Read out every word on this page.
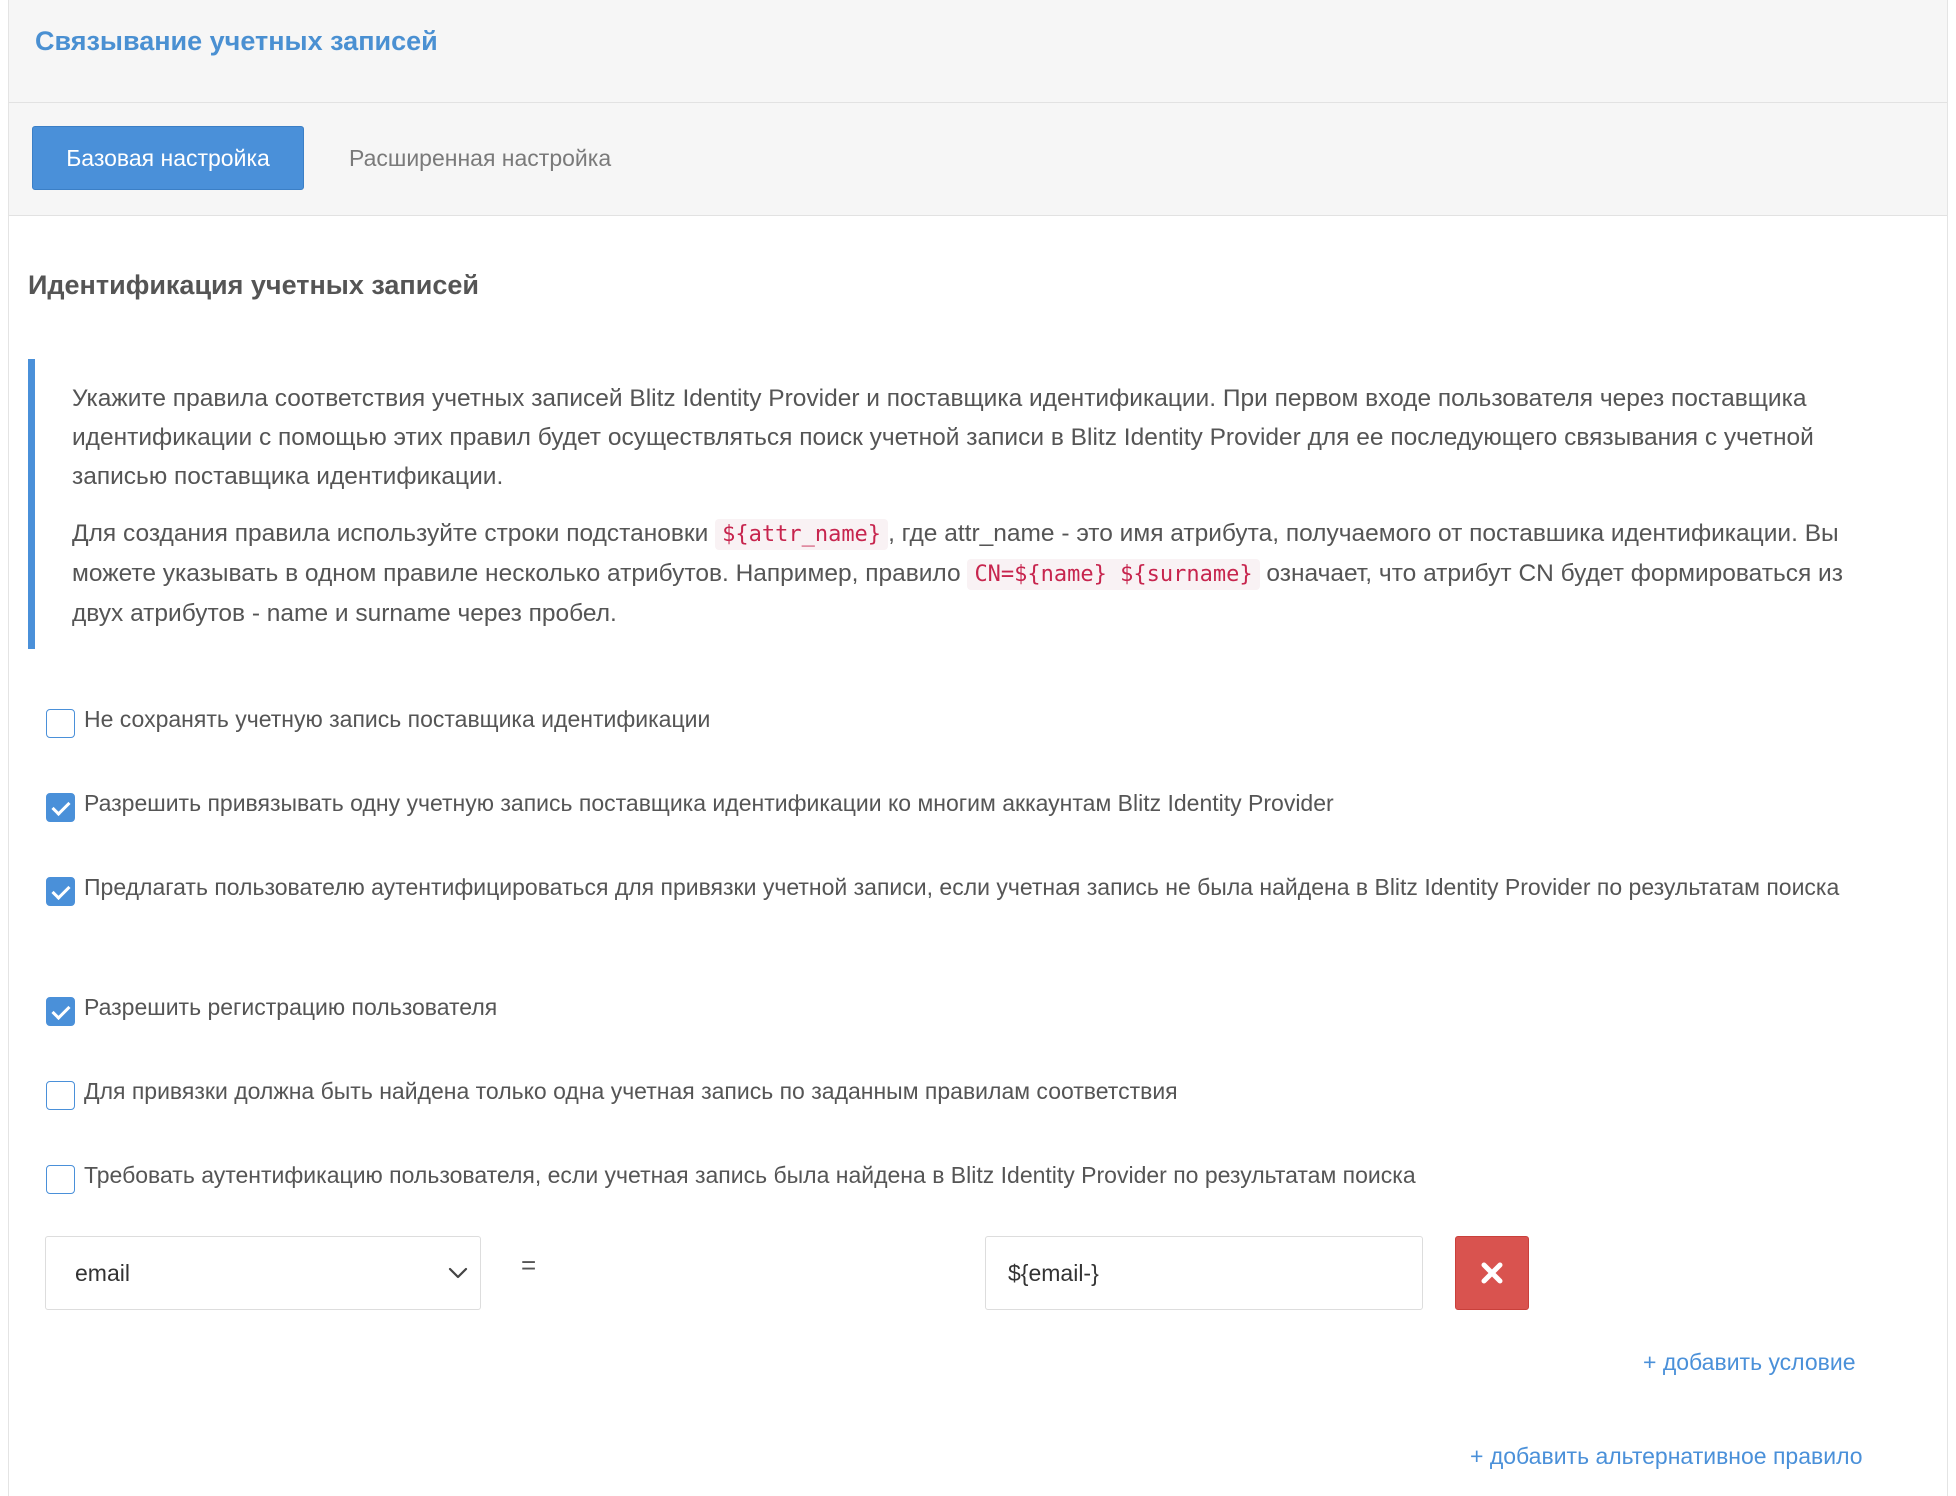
Связывание учетных записей
Базовая настройка	Расширенная настройка
Идентификация учетных записей

Укажите правила соответствия учетных записей Blitz Identity Provider и поставщика идентификации. При первом входе пользователя через поставщика идентификации с помощью этих правил будет осуществляться поиск учетной записи в Blitz Identity Provider для ее последующего связывания с учетной записью поставщика идентификации.

Для создания правила используйте строки подстановки ${attr_name} , где attr_name - это имя атрибута, получаемого от поставшика идентификации. Вы можете указывать в одном правиле несколько атрибутов. Например, правило CN=${name} ${surname} означает, что атрибут CN будет формироваться из двух атрибутов - name и surname через пробел.

Не сохранять учетную запись поставщика идентификации
Разрешить привязывать одну учетную запись поставщика идентификации ко многим аккаунтам Blitz Identity Provider
Предлагать пользователю аутентифицироваться для привязки учетной записи, если учетная запись не была найдена в Blitz Identity Provider по результатам поиска
Разрешить регистрацию пользователя
Для привязки должна быть найдена только одна учетная запись по заданным правилам соответствия
Требовать аутентификацию пользователя, если учетная запись была найдена в Blitz Identity Provider по результатам поиска
email	=
${email-}
+ добавить условие
+ добавить альтернативное правило
